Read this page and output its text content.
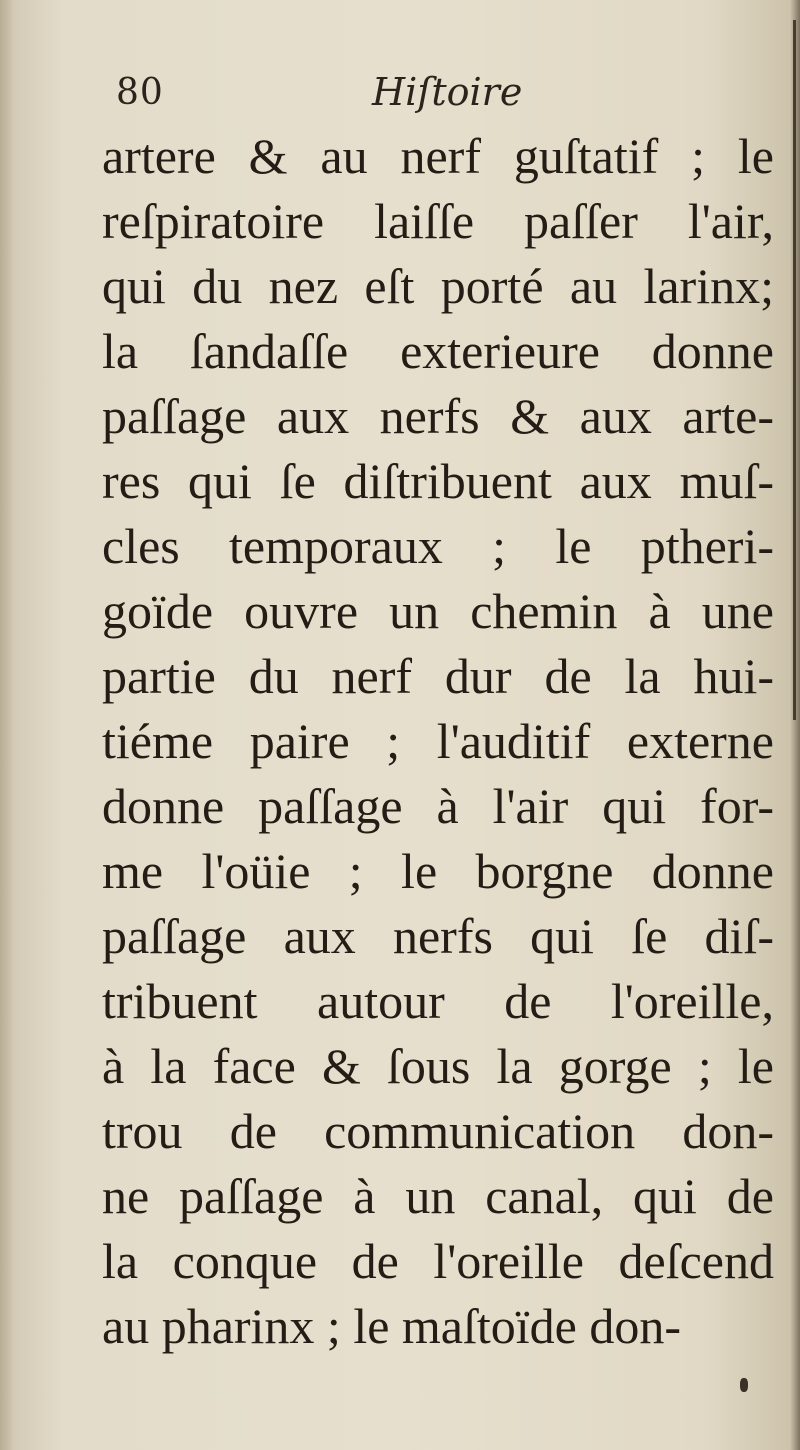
80	Hiſtoire
artere & au nerf guſtatif ; le
reſpiratoire laiſſe paſſer l'air,
qui du nez eſt porté au larinx;
la ſandaſſe exterieure donne
paſſage aux nerfs & aux arte-
res qui ſe diſtribuent aux muſ-
cles temporaux ; le ptheri-
goïde ouvre un chemin à une
partie du nerf dur de la hui-
tiéme paire ; l'auditif externe
donne paſſage à l'air qui for-
me l'oüie ; le borgne donne
paſſage aux nerfs qui ſe diſ-
tribuent autour de l'oreille,
à la face & ſous la gorge ; le
trou de communication don-
ne paſſage à un canal, qui de
la conque de l'oreille deſcend
au pharinx ; le maſtoïde don-
